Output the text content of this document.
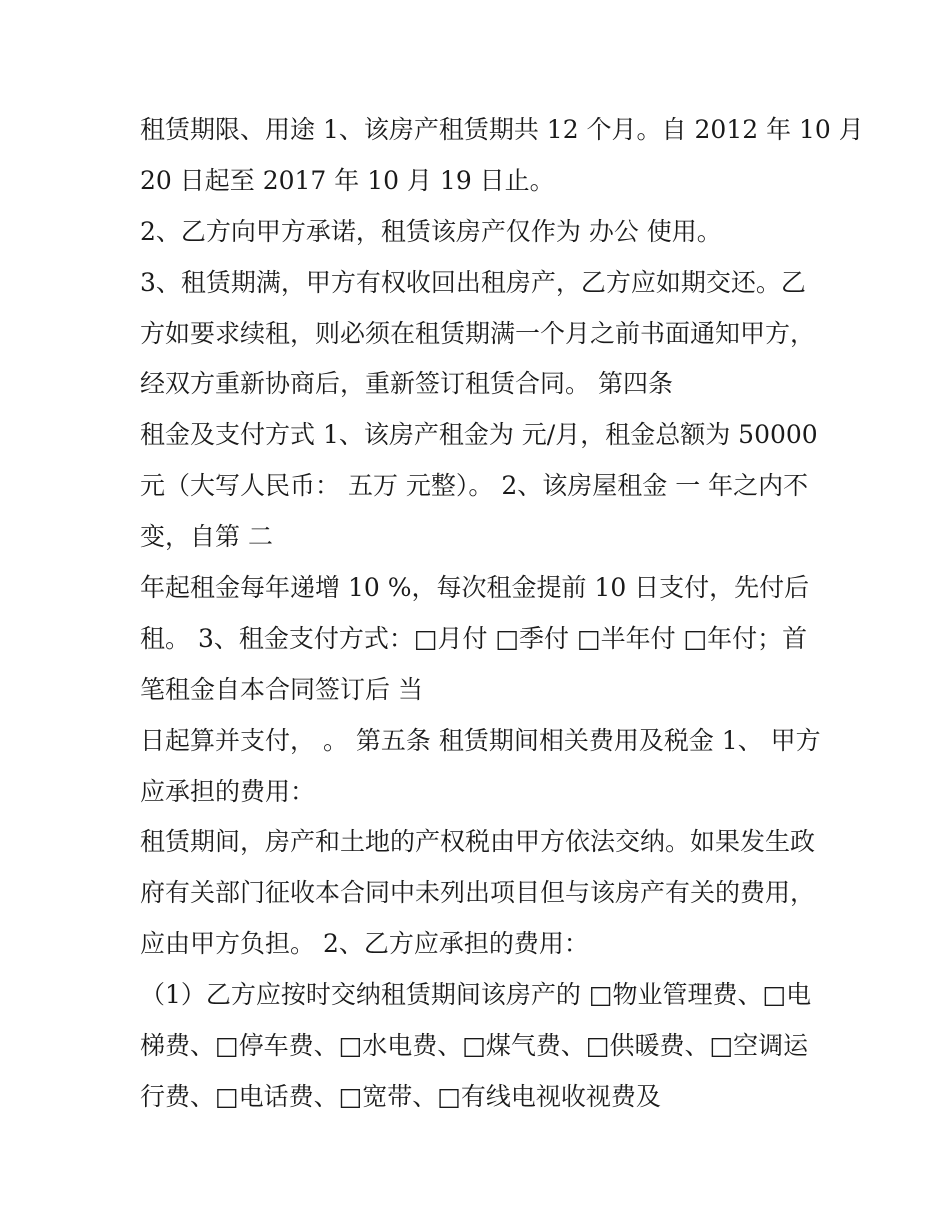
租赁期限、用途 1、该房产租赁期共 12 个月。自 2012 年 10 月
20 日起至 2017 年 10 月 19 日止。
2、乙方向甲方承诺，租赁该房产仅作为 办公 使用。
3、租赁期满，甲方有权收回出租房产，乙方应如期交还。乙
方如要求续租，则必须在租赁期满一个月之前书面通知甲方，
经双方重新协商后，重新签订租赁合同。 第四条
租金及支付方式 1、该房产租金为 元/月，租金总额为 50000
元（大写人民币： 五万 元整）。 2、该房屋租金 一 年之内不
变，自第 二
年起租金每年递增 10 %，每次租金提前 10 日支付，先付后
租。 3、租金支付方式：□月付 □季付 □半年付 □年付；首
笔租金自本合同签订后 当
日起算并支付， 。 第五条 租赁期间相关费用及税金 1、 甲方
应承担的费用：
租赁期间，房产和土地的产权税由甲方依法交纳。如果发生政
府有关部门征收本合同中未列出项目但与该房产有关的费用，
应由甲方负担。 2、乙方应承担的费用：
（1）乙方应按时交纳租赁期间该房产的 □物业管理费、□电
梯费、□停车费、□水电费、□煤气费、□供暖费、□空调运
行费、□电话费、□宽带、□有线电视收视费及
